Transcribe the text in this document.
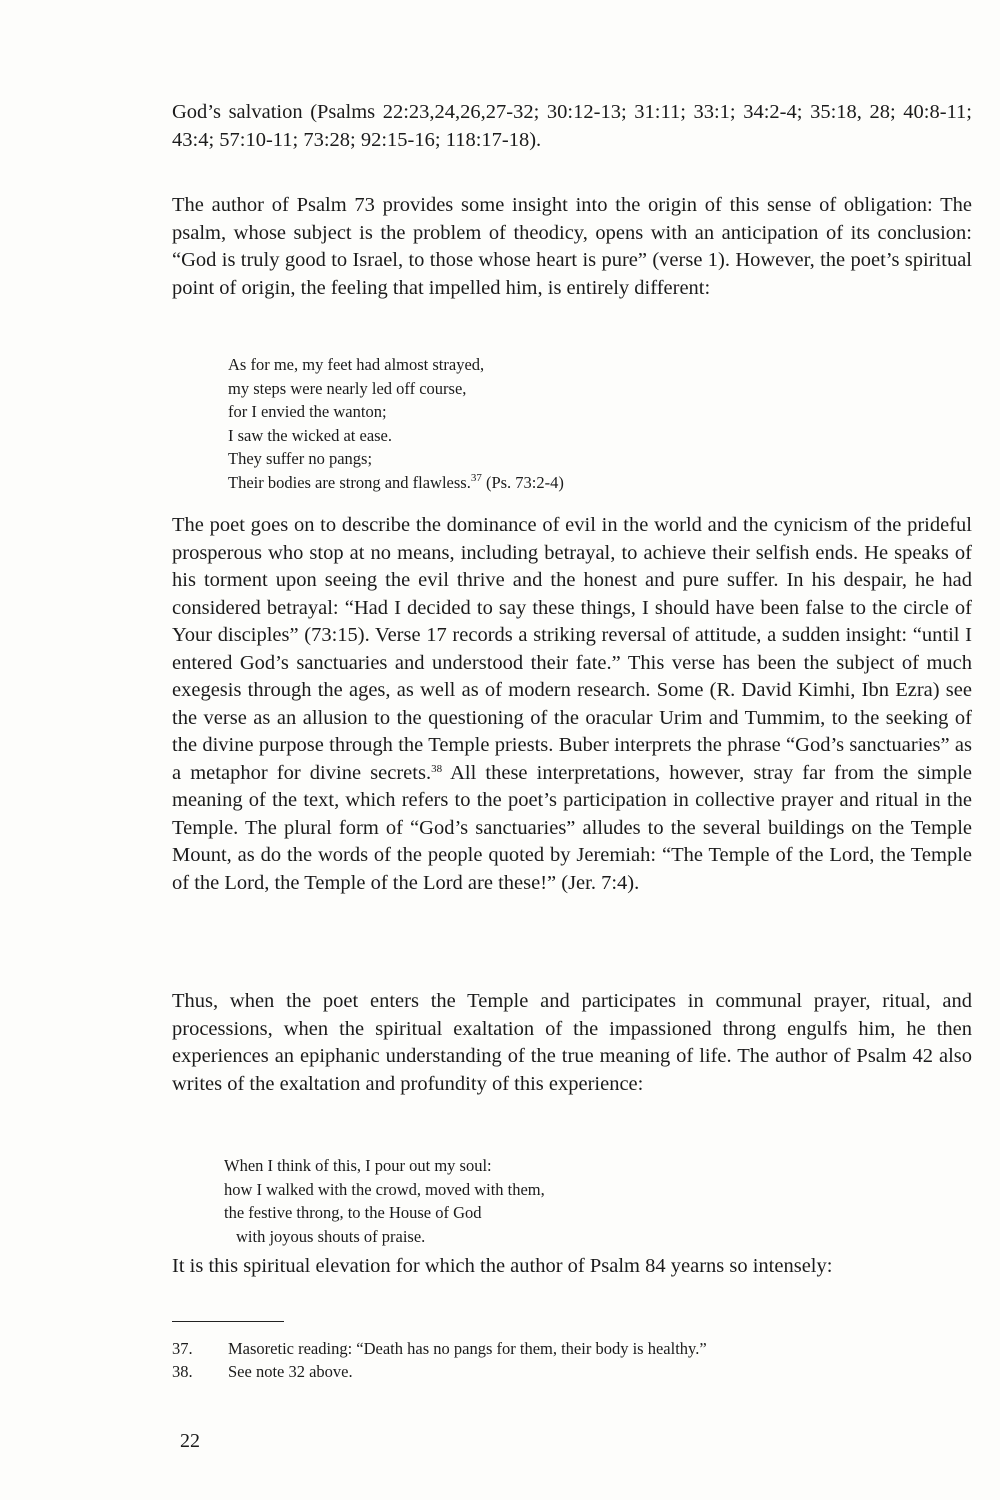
God’s salvation (Psalms 22:23,24,26,27-32; 30:12-13; 31:11; 33:1; 34:2-4; 35:18, 28; 40:8-11; 43:4; 57:10-11; 73:28; 92:15-16; 118:17-18).

The author of Psalm 73 provides some insight into the origin of this sense of obligation: The psalm, whose subject is the problem of theodicy, opens with an anticipation of its conclusion: “God is truly good to Israel, to those whose heart is pure” (verse 1). However, the poet’s spiritual point of origin, the feeling that impelled him, is entirely different:

As for me, my feet had almost strayed,
my steps were nearly led off course,
for I envied the wanton;
I saw the wicked at ease.
They suffer no pangs;
Their bodies are strong and flawless.$^{37}$ (Ps. 73:2-4)

The poet goes on to describe the dominance of evil in the world and the cynicism of the prideful prosperous who stop at no means, including betrayal, to achieve their selfish ends. He speaks of his torment upon seeing the evil thrive and the honest and pure suffer. In his despair, he had considered betrayal: “Had I decided to say these things, I should have been false to the circle of Your disciples” (73:15). Verse 17 records a striking reversal of attitude, a sudden insight: “until I entered God’s sanctuaries and understood their fate.” This verse has been the subject of much exegesis through the ages, as well as of modern research. Some (R. David Kimhi, Ibn Ezra) see the verse as an allusion to the questioning of the oracular Urim and Tummim, to the seeking of the divine purpose through the Temple priests. Buber interprets the phrase “God’s sanctuaries” as a metaphor for divine secrets.$^{38}$ All these interpretations, however, stray far from the simple meaning of the text, which refers to the poet’s participation in collective prayer and ritual in the Temple. The plural form of “God’s sanctuaries” alludes to the several buildings on the Temple Mount, as do the words of the people quoted by Jeremiah: “The Temple of the Lord, the Temple of the Lord, the Temple of the Lord are these!” (Jer. 7:4).

Thus, when the poet enters the Temple and participates in communal prayer, ritual, and processions, when the spiritual exaltation of the impassioned throng engulfs him, he then experiences an epiphanic understanding of the true meaning of life. The author of Psalm 42 also writes of the exaltation and profundity of this experience:

When I think of this, I pour out my soul:
how I walked with the crowd, moved with them,
the festive throng, to the House of God
with joyous shouts of praise.

It is this spiritual elevation for which the author of Psalm 84 yearns so intensely:

37.	Masoretic reading: “Death has no pangs for them, their body is healthy.”
38.	See note 32 above.
22
